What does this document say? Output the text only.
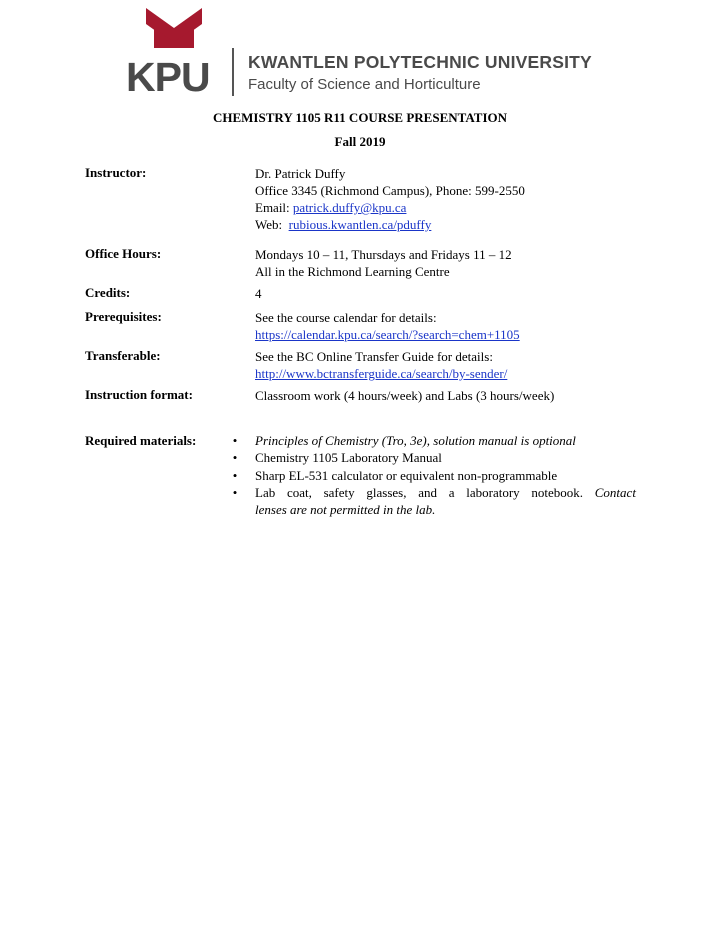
KPU KWANTLEN POLYTECHNIC UNIVERSITY
Faculty of Science and Horticulture
CHEMISTRY 1105 R11 COURSE PRESENTATION
Fall 2019
Instructor:	Dr. Patrick Duffy
Office 3345 (Richmond Campus), Phone: 599-2550
Email: patrick.duffy@kpu.ca
Web: rubious.kwantlen.ca/pduffy
Office Hours:	Mondays 10 – 11, Thursdays and Fridays 11 – 12
All in the Richmond Learning Centre
Credits:	4
Prerequisites:	See the course calendar for details:
https://calendar.kpu.ca/search/?search=chem+1105
Transferable:	See the BC Online Transfer Guide for details:
http://www.bctransferguide.ca/search/by-sender/
Instruction format:	Classroom work (4 hours/week) and Labs (3 hours/week)
Required materials:	• Principles of Chemistry (Tro, 3e), solution manual is optional
• Chemistry 1105 Laboratory Manual
• Sharp EL-531 calculator or equivalent non-programmable
• Lab coat, safety glasses, and a laboratory notebook. Contact
lenses are not permitted in the lab.
